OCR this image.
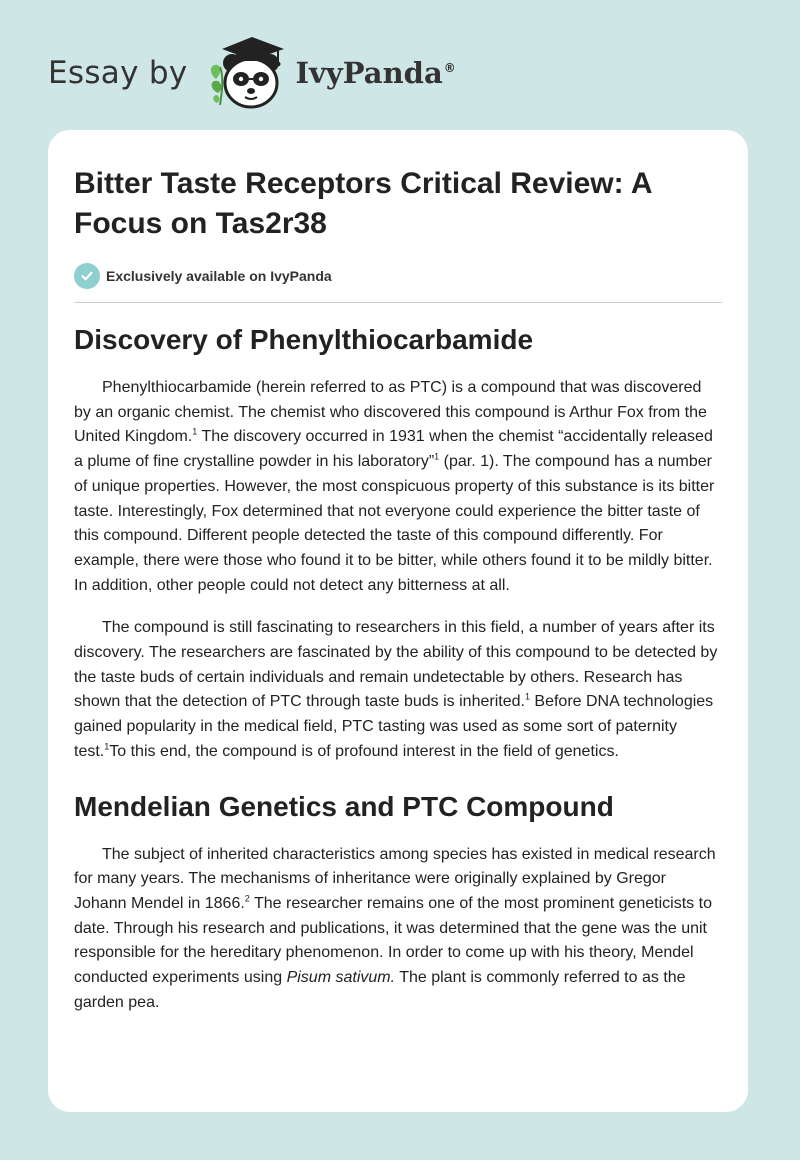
Essay by	IvyPanda®
Bitter Taste Receptors Critical Review: A Focus on Tas2r38
Exclusively available on IvyPanda
Discovery of Phenylthiocarbamide

Phenylthiocarbamide (herein referred to as PTC) is a compound that was discovered by an organic chemist. The chemist who discovered this compound is Arthur Fox from the United Kingdom.$^1$ The discovery occurred in 1931 when the chemist “accidentally released a plume of fine crystalline powder in his laboratory”$^1$ (par. 1). The compound has a number of unique properties. However, the most conspicuous property of this substance is its bitter taste. Interestingly, Fox determined that not everyone could experience the bitter taste of this compound. Different people detected the taste of this compound differently. For example, there were those who found it to be bitter, while others found it to be mildly bitter. In addition, other people could not detect any bitterness at all.

The compound is still fascinating to researchers in this field, a number of years after its discovery. The researchers are fascinated by the ability of this compound to be detected by the taste buds of certain individuals and remain undetectable by others. Research has shown that the detection of PTC through taste buds is inherited.$^1$ Before DNA technologies gained popularity in the medical field, PTC tasting was used as some sort of paternity test.$^1$To this end, the compound is of profound interest in the field of genetics.

Mendelian Genetics and PTC Compound

The subject of inherited characteristics among species has existed in medical research for many years. The mechanisms of inheritance were originally explained by Gregor Johann Mendel in 1866.$^2$ The researcher remains one of the most prominent geneticists to date. Through his research and publications, it was determined that the gene was the unit responsible for the hereditary phenomenon. In order to come up with his theory, Mendel conducted experiments using Pisum sativum. The plant is commonly referred to as the garden pea.
